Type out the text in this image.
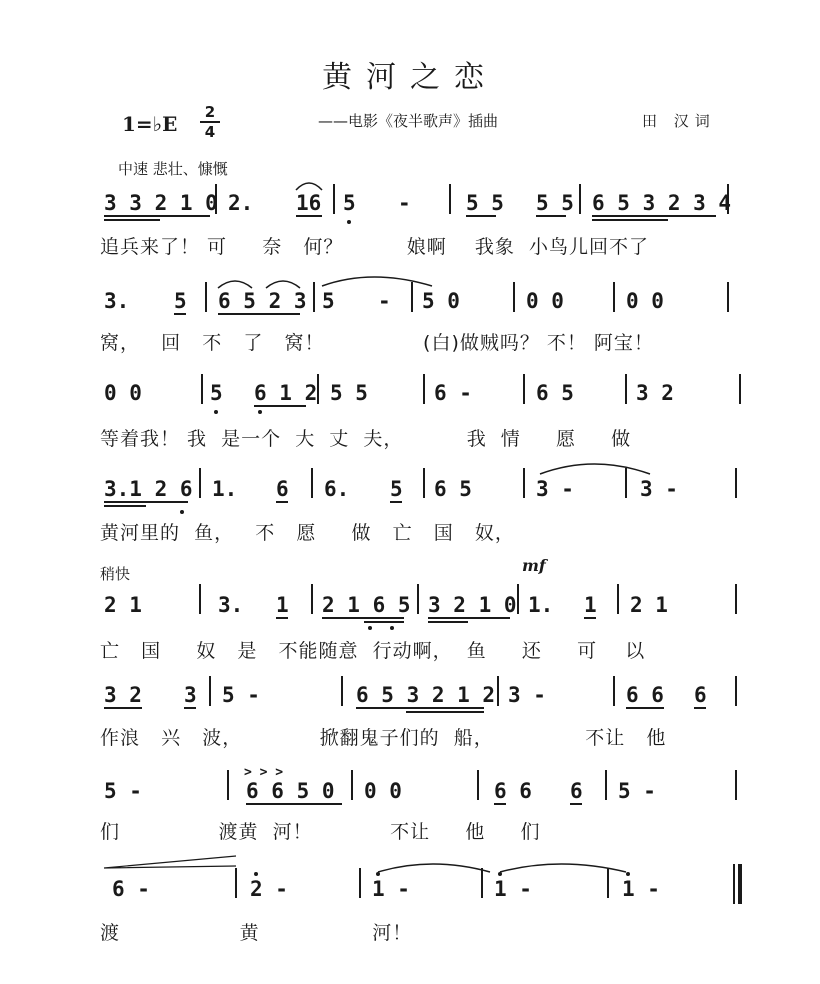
黄河之恋
1=♭E	2
4
——电影《夜半歌声》插曲	田 汉词
中速 悲壮、慷慨
稍快	mf
追兵来了！ 可     奈   何？         娘啊    我象  小鸟儿回不了
窝，   回   不   了   窝！              (白)做贼吗？ 不！ 阿宝！
等着我！ 我  是一个  大  丈  夫，         我  情     愿     做
黄河里的  鱼，   不   愿     做   亡   国   奴，
亡   国     奴   是   不能随意  行动啊，  鱼     还     可    以
作浪   兴   波，           掀翻鬼子们的  船，             不让   他
们              渡黄  河！           不让     他     们
渡                 黄                河！
3 3 2 1 0 2. 16 5 -	5 5 5 5 6 5 3 2 3 4
3. 5 6 5 2 3 5 - 5 0	0 0	0 0
0 0	5 6 1 2 5 5	6 -	6 5	3 2
3.1 2 6 1. 6 6. 5 6 5	3 -	3 -
2 1	3. 1 2 1 6 5 3 2 1 0 1. 1 2 1
3 2 3 5 -	6 5 3 2 1 2 3 -	6 6 6
5 -	6 6 5 0
> > >
0 0	6 6 6 5 -
6 -	2 -	1 -	1 -	1 -
